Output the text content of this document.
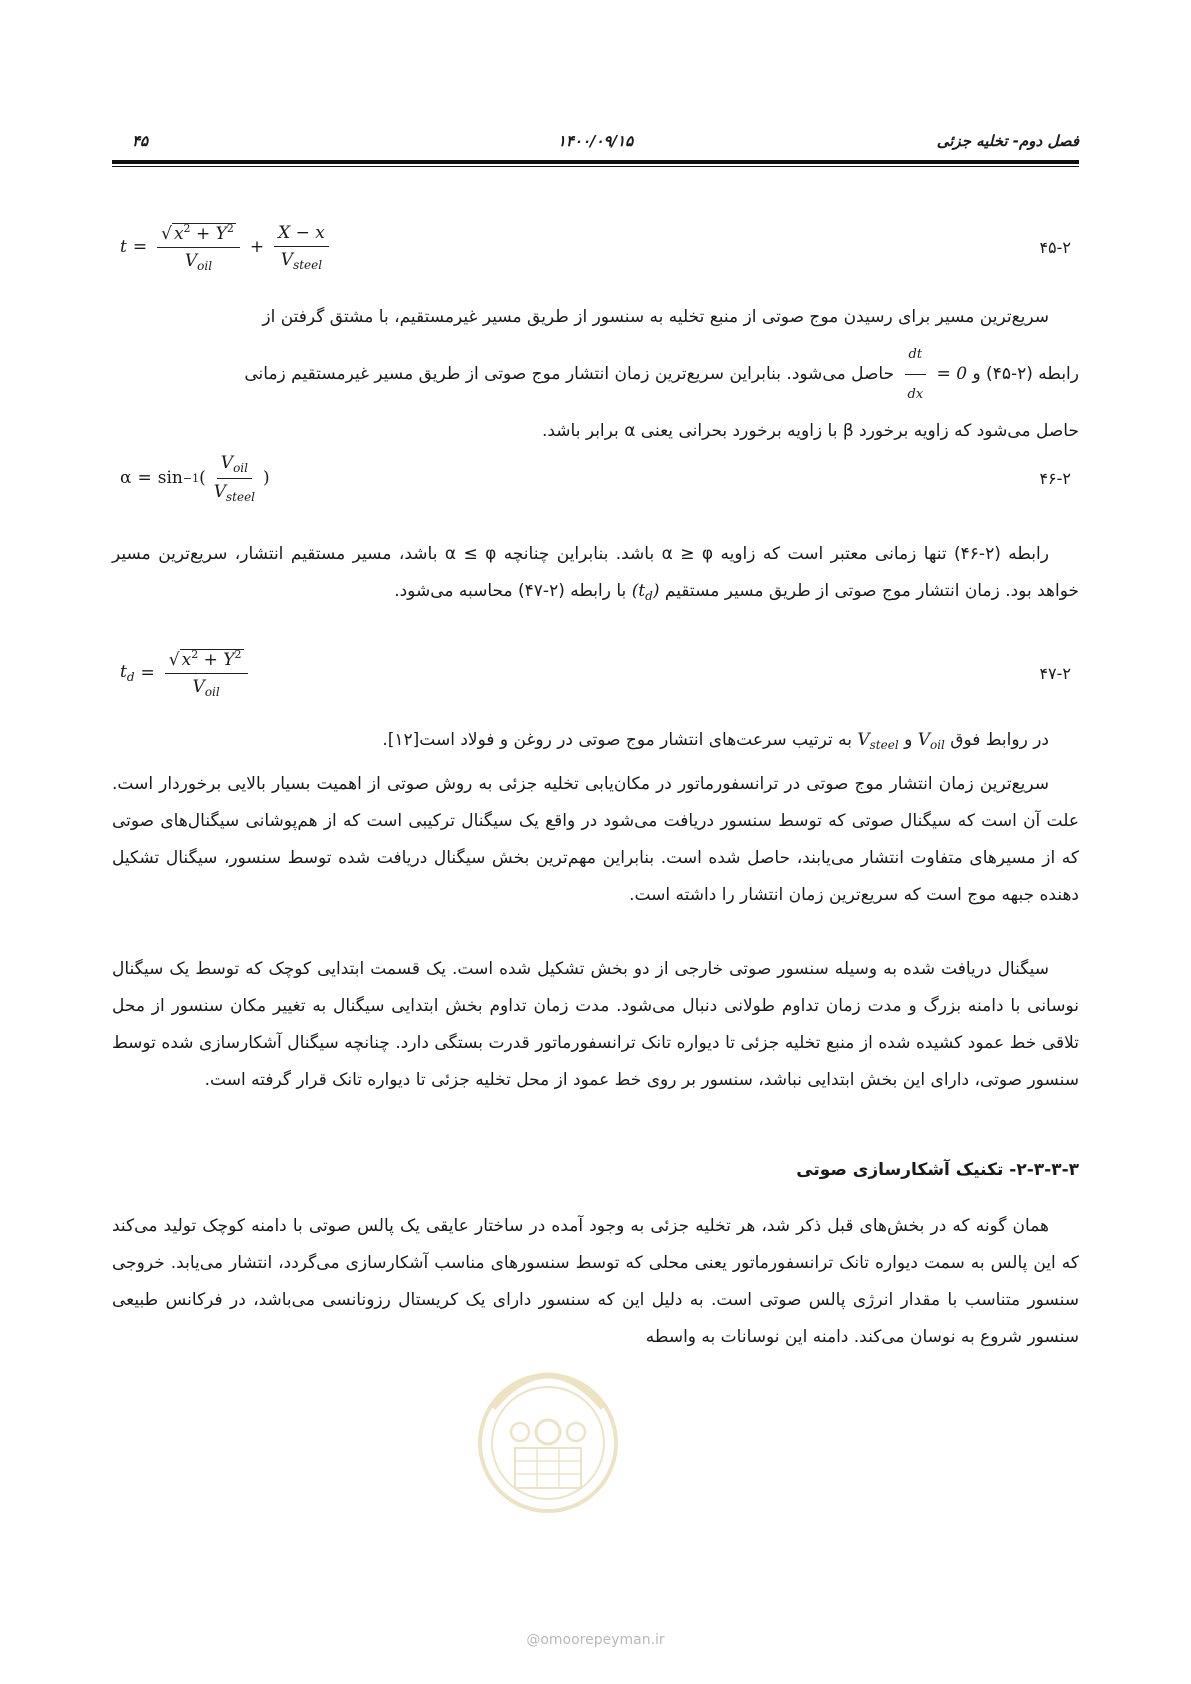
فصل دوم- تخلیه جزئی
۱۴۰۰/۰۹/۱۵
۴۵
$t = \frac{√ x^2 + Y^2}{V_{oil}} + \frac{X - x}{V_{steel}}$	۴۵-۲
سریع‌ترین مسیر برای رسیدن موج صوتی از منبع تخلیه به سنسور از طریق مسیر غیرمستقیم، با مشتق گرفتن از
رابطه (۲-۴۵) و
$\frac{dt}{dx} = 0$ حاصل می‌شود. بنابراین سریع‌ترین زمان انتشار موج صوتی از طریق مسیر غیرمستقیم زمانی
حاصل می‌شود که زاویه برخورد β با زاویه برخورد بحرانی یعنی α برابر باشد.
α = sin −1 ( $\frac{V_{oil}}{V_{steel}}$ )	۴۶-۲
رابطه (۲-۴۶) تنها زمانی معتبر است که زاویه α ≥ φ باشد. بنابراین چنانچه α ≤ φ باشد، مسیر مستقیم انتشار، سریع‌ترین مسیر خواهد بود. زمان انتشار موج صوتی از طریق مسیر مستقیم $(t_d)$ با رابطه (۲-۴۷) محاسبه می‌شود.
$t_d = \frac{√ x^2 + Y^2}{V_{oil}}$	۴۷-۲
در روابط فوق $V_{oil}$ و $V_{steel}$ به ترتیب سرعت‌های انتشار موج صوتی در روغن و فولاد است[۱۲].
سریع‌ترین زمان انتشار موج صوتی در ترانسفورماتور در مکان‌یابی تخلیه جزئی به روش صوتی از اهمیت بسیار بالایی برخوردار است. علت آن است که سیگنال صوتی که توسط سنسور دریافت می‌شود در واقع یک سیگنال ترکیبی است که از هم‌پوشانی سیگنال‌های صوتی که از مسیرهای متفاوت انتشار می‌یابند، حاصل شده است. بنابراین مهم‌ترین بخش سیگنال دریافت شده توسط سنسور، سیگنال تشکیل دهنده جبهه موج است که سریع‌ترین زمان انتشار را داشته است.
سیگنال دریافت شده به وسیله سنسور صوتی خارجی از دو بخش تشکیل شده است. یک قسمت ابتدایی کوچک که توسط یک سیگنال نوسانی با دامنه بزرگ و مدت زمان تداوم طولانی دنبال می‌شود. مدت زمان تداوم بخش ابتدایی سیگنال به تغییر مکان سنسور از محل تلاقی خط عمود کشیده شده از منبع تخلیه جزئی تا دیواره تانک ترانسفورماتور قدرت بستگی دارد. چنانچه سیگنال آشکارسازی شده توسط سنسور صوتی، دارای این بخش ابتدایی نباشد، سنسور بر روی خط عمود از محل تخلیه جزئی تا دیواره تانک قرار گرفته است.
۲-۳-۳-۳- تکنیک آشکارسازی صوتی
همان گونه که در بخش‌های قبل ذکر شد، هر تخلیه جزئی به وجود آمده در ساختار عایقی یک پالس صوتی با دامنه کوچک تولید می‌کند که این پالس به سمت دیواره تانک ترانسفورماتور یعنی محلی که توسط سنسورهای مناسب آشکارسازی می‌گردد، انتشار می‌یابد. خروجی سنسور متناسب با مقدار انرژی پالس صوتی است. به دلیل این که سنسور دارای یک کریستال رزونانسی می‌باشد، در فرکانس طبیعی سنسور شروع به نوسان می‌کند. دامنه این نوسانات به واسطه
@omoorepeyman.ir
